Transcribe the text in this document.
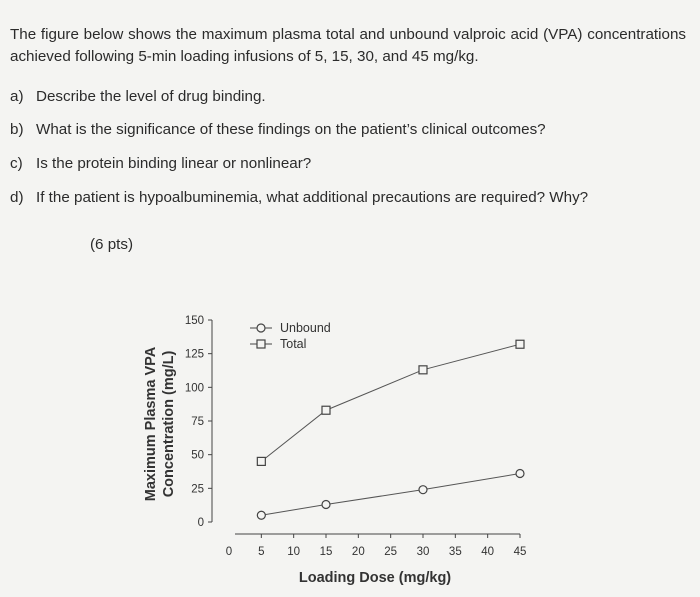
The figure below shows the maximum plasma total and unbound valproic acid (VPA) concentrations achieved following 5-min loading infusions of 5, 15, 30, and 45 mg/kg.

a) Describe the level of drug binding.

b) What is the significance of these findings on the patient’s clinical outcomes?

c) Is the protein binding linear or nonlinear?

d) If the patient is hypoalbuminemia, what additional precautions are required? Why?

(6 pts)

0
25
50
75
100
125
150
0 5 10 15 20 25 30 35 40 45
Unbound
Total
Loading Dose (mg/kg)
Maximum Plasma VPA Concentration (mg/L)
